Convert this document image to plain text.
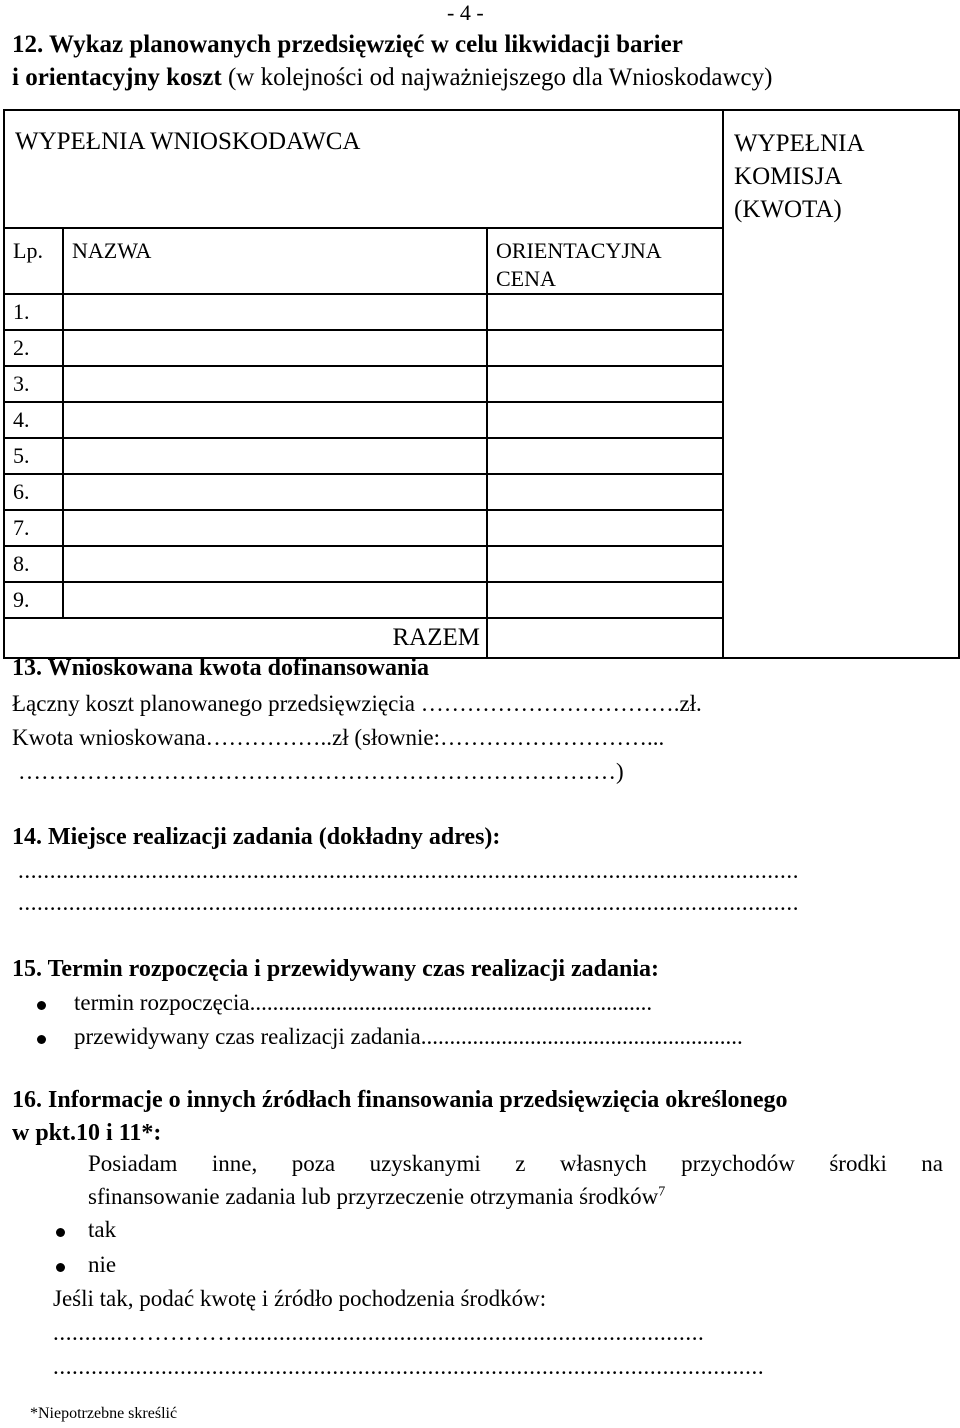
- 4 -
12. Wykaz planowanych przedsięwzięć w celu likwidacji barier
i orientacyjny koszt (w kolejności od najważniejszego dla Wnioskodawcy)
WYPEŁNIA WNIOSKODAWCA			WYPEŁNIA
KOMISJA
(KWOTA)

Lp.	NAZWA	ORIENTACYJNA
CENA	

1.			
2.			
3.			
4.			
5.			
6.			
7.			
8.			
9.			
RAZEM			
13. Wnioskowana kwota dofinansowania
Łączny koszt planowanego przedsięwzięcia …………………………….zł.
Kwota wnioskowana……………..zł (słownie:………………………...
……………………………………………………………………)
14. Miejsce realizacji zadania (dokładny adres):
...........................................................................................................................
...........................................................................................................................
15. Termin rozpoczęcia i przewidywany czas realizacji zadania:
termin rozpoczęcia......................................................................
przewidywany czas realizacji zadania........................................................
16. Informacje o innych źródłach finansowania przedsięwzięcia określonego
w pkt.10 i 11*:
Posiadam inne, poza uzyskanymi z własnych przychodów środki na
sfinansowanie zadania lub przyrzeczenie otrzymania środków$^7$
tak
nie
Jeśli tak, podać kwotę i źródło pochodzenia środków:
...........…………….........................................................................
................................................................................................................
*Niepotrzebne skreślić
